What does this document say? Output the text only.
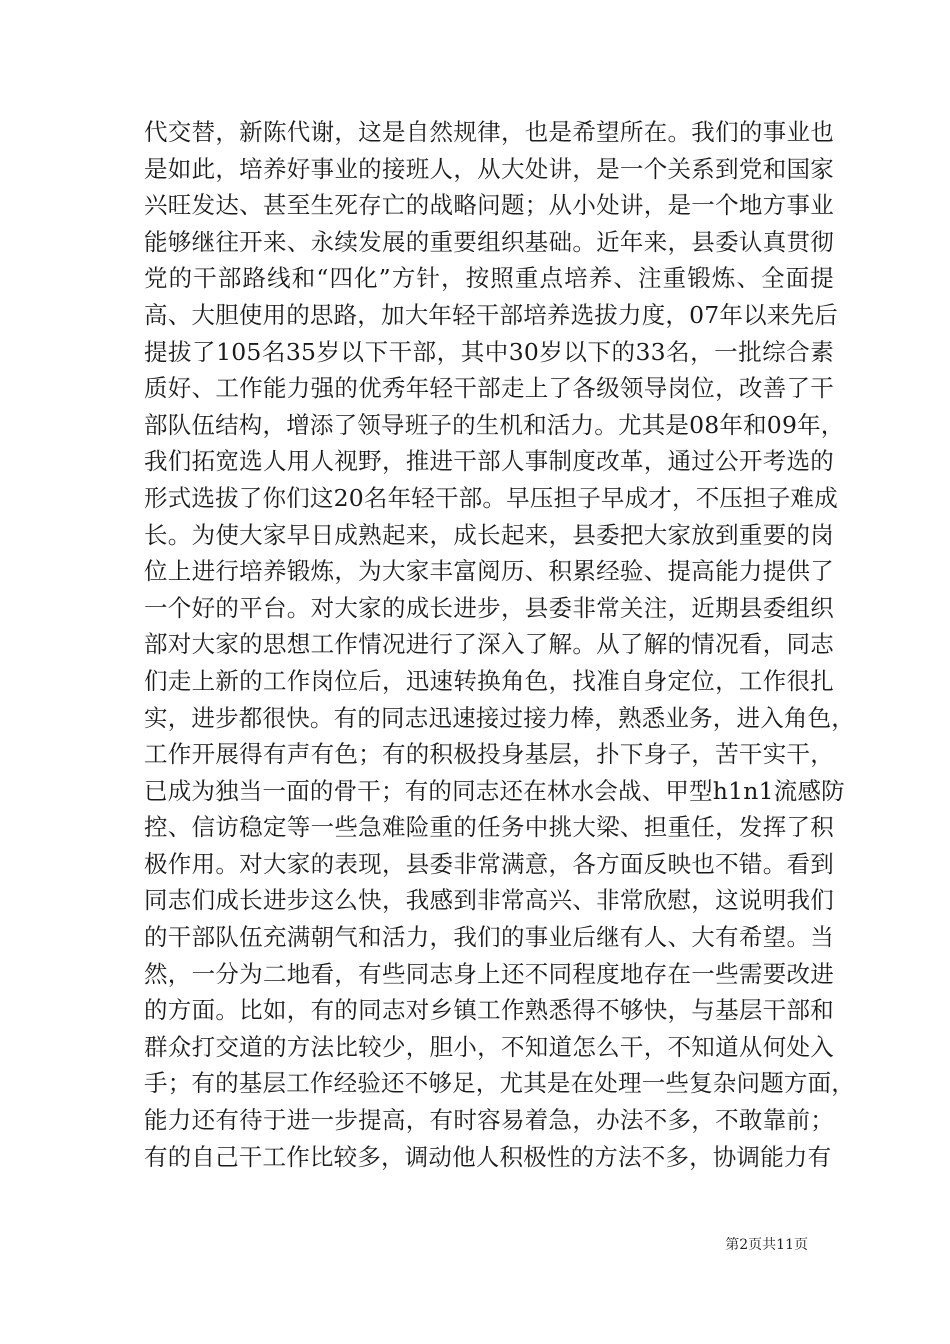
代交替，新陈代谢，这是自然规律，也是希望所在。我们的事业也
是如此，培养好事业的接班人，从大处讲，是一个关系到党和国家
兴旺发达、甚至生死存亡的战略问题；从小处讲，是一个地方事业
能够继往开来、永续发展的重要组织基础。近年来，县委认真贯彻
党的干部路线和“四化”方针，按照重点培养、注重锻炼、全面提
高、大胆使用的思路，加大年轻干部培养选拔力度，07年以来先后
提拔了105名35岁以下干部，其中30岁以下的33名，一批综合素
质好、工作能力强的优秀年轻干部走上了各级领导岗位，改善了干
部队伍结构，增添了领导班子的生机和活力。尤其是08年和09年，
我们拓宽选人用人视野，推进干部人事制度改革，通过公开考选的
形式选拔了你们这20名年轻干部。早压担子早成才，不压担子难成
长。为使大家早日成熟起来，成长起来，县委把大家放到重要的岗
位上进行培养锻炼，为大家丰富阅历、积累经验、提高能力提供了
一个好的平台。对大家的成长进步，县委非常关注，近期县委组织
部对大家的思想工作情况进行了深入了解。从了解的情况看，同志
们走上新的工作岗位后，迅速转换角色，找准自身定位，工作很扎
实，进步都很快。有的同志迅速接过接力棒，熟悉业务，进入角色，
工作开展得有声有色；有的积极投身基层，扑下身子，苦干实干，
已成为独当一面的骨干；有的同志还在林水会战、甲型h1n1流感防
控、信访稳定等一些急难险重的任务中挑大梁、担重任，发挥了积
极作用。对大家的表现，县委非常满意，各方面反映也不错。看到
同志们成长进步这么快，我感到非常高兴、非常欣慰，这说明我们
的干部队伍充满朝气和活力，我们的事业后继有人、大有希望。当
然，一分为二地看，有些同志身上还不同程度地存在一些需要改进
的方面。比如，有的同志对乡镇工作熟悉得不够快，与基层干部和
群众打交道的方法比较少，胆小，不知道怎么干，不知道从何处入
手；有的基层工作经验还不够足，尤其是在处理一些复杂问题方面，
能力还有待于进一步提高，有时容易着急，办法不多，不敢靠前；
有的自己干工作比较多，调动他人积极性的方法不多，协调能力有
第2页共11页
